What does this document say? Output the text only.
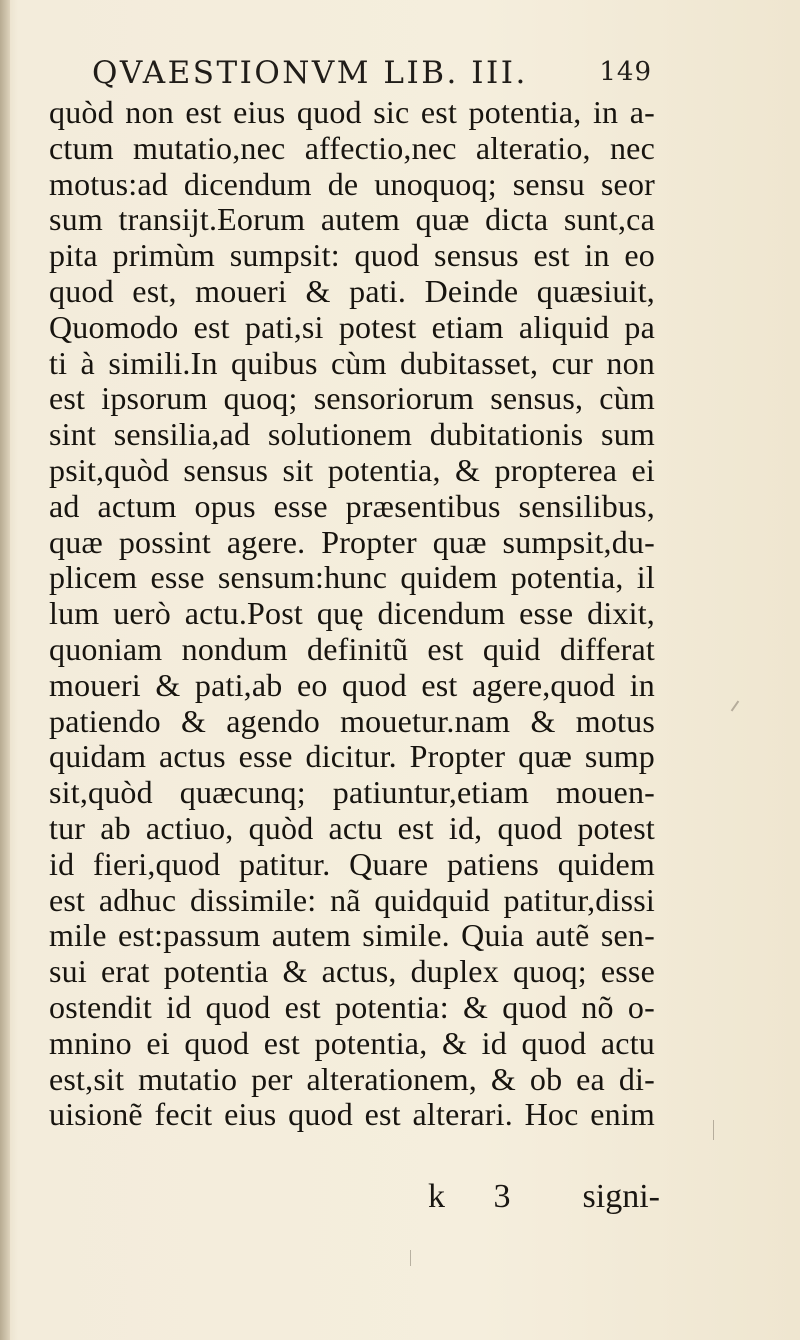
QVAESTIONVM LIB. III.	149
quòd non est eius quod sic est potentia, in a-
ctum mutatio,nec affectio,nec alteratio, nec
motus:ad dicendum de unoquoq; sensu seor
sum transijt.Eorum autem quæ dicta sunt,ca
pita primùm sumpsit: quod sensus est in eo
quod est, moueri & pati. Deinde quæsiuit,
Quomodo est pati,si potest etiam aliquid pa
ti à simili.In quibus cùm dubitasset, cur non
est ipsorum quoq; sensoriorum sensus, cùm
sint sensilia,ad solutionem dubitationis sum
psit,quòd sensus sit potentia, & propterea ei
ad actum opus esse præsentibus sensilibus,
quæ possint agere. Propter quæ sumpsit,du-
plicem esse sensum:hunc quidem potentia, il
lum uerò actu.Post quę dicendum esse dixit,
quoniam nondum definitũ est quid differat
moueri & pati,ab eo quod est agere,quod in
patiendo & agendo mouetur.nam & motus
quidam actus esse dicitur. Propter quæ sump
sit,quòd quæcunq; patiuntur,etiam mouen-
tur ab actiuo, quòd actu est id, quod potest
id fieri,quod patitur. Quare patiens quidem
est adhuc dissimile: nã quidquid patitur,dissi
mile est:passum autem simile. Quia autẽ sen-
sui erat potentia & actus, duplex quoq; esse
ostendit id quod est potentia: & quod nõ o-
mnino ei quod est potentia, & id quod actu
est,sit mutatio per alterationem, & ob ea di-
uisionẽ fecit eius quod est alterari. Hoc enim
k 3 signi-
